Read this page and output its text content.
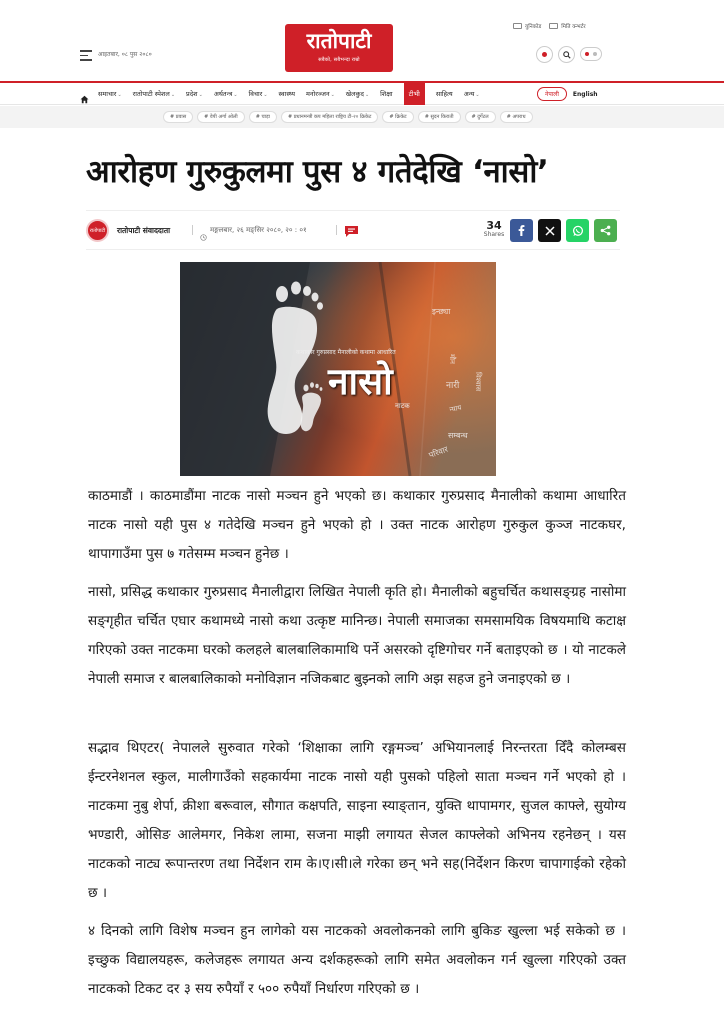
आइतबार, ०८ पुस २०८०
रातोपाटी
सबैको, सबैभन्दा राम्रो
युनिकोड	मिति क्न्भर्टर
समाचार⌄ रातोपाटी स्पेशल⌄ प्रदेश⌄ अर्थतन्त्र⌄ विचार⌄ स्वास्थ्य मनोरञ्जन⌄ खेलकुद⌄ शिक्षा	टीभी	साहित्य अन्य⌄	नेपाली	English
# प्रवास	# वेपी अर्गा ओली	# चाड़ा	# प्रधानमन्त्री कप महिला राष्ट्रिय टी-२० क्रिकेट	# क्रिकेट	# सुदन किराती	# दुर्गेटल	# अपराध
आरोहण गुरुकुलमा पुस ४ गतेदेखि ‘नासो’
रातोपाटी	रातोपाटी संवाददाता	मङ्गलबार, २६ मङ्सिर २०८०, २० : ०१	34
Shares
इन्छ्या
मौन
नारी
न्याय
सम्बन्ध
विश्वास
परिवार
कथाकार गुरुप्रसाद मैनालीको कथामा आधारित
नासो
नाटक

काठमाडौं । काठमाडौंमा नाटक नासो मञ्चन हुने भएको छ। कथाकार गुरुप्रसाद मैनालीको कथामा आधारित नाटक नासो यही पुस ४ गतेदेखि मञ्चन हुने भएको हो । उक्त नाटक आरोहण गुरुकुल कुञ्ज नाटकघर, थापागाउँमा पुस ७ गतेसम्म मञ्चन हुनेछ ।

नासो, प्रसिद्ध कथाकार गुरुप्रसाद मैनालीद्वारा लिखित नेपाली कृति हो। मैनालीको बहुचर्चित कथासङ्ग्रह नासोमा सङ्गृहीत चर्चित एघार कथामध्ये नासो कथा उत्कृष्ट मानिन्छ। नेपाली समाजका समसामयिक विषयमाथि कटाक्ष गरिएको उक्त नाटकमा घरको कलहले बालबालिकामाथि पर्ने असरको दृष्टिगोचर गर्ने बताइएको छ । यो नाटकले नेपाली समाज र बालबालिकाको मनोविज्ञान नजिकबाट बुझ्नको लागि अझ सहज हुने जनाइएको छ ।

सद्भाव थिएटर( नेपालले सुरुवात गरेको ‘शिक्षाका लागि रङ्गमञ्च’ अभियानलाई निरन्तरता दिँदै कोलम्बस ईन्टरनेशनल स्कुल, मालीगाउँको सहकार्यमा नाटक नासो यही पुसको पहिलो साता मञ्चन गर्ने भएको हो । नाटकमा नुबु शेर्पा, क्रीशा बरूवाल, सौगात कक्षपति, साइना स्याङ्तान, युक्ति थापामगर, सुजल काफ्ले, सुयोग्य भण्डारी, ओसिङ आलेमगर, निकेश लामा, सजना माझी लगायत सेजल काफ्लेको अभिनय रहनेछन् । यस नाटकको नाट्य रूपान्तरण तथा निर्देशन राम के।ए।सी।ले गरेका छन् भने सह(निर्देशन किरण चापागाईको रहेको छ ।

४ दिनको लागि विशेष मञ्चन हुन लागेको यस नाटकको अवलोकनको लागि बुकिङ खुल्ला भई सकेको छ । इच्छुक विद्यालयहरू, कलेजहरू लगायत अन्य दर्शकहरूको लागि समेत अवलोकन गर्न खुल्ला गरिएको उक्त नाटकको टिकट दर ३ सय रुपैयाँ र ५०० रुपैयाँ निर्धारण गरिएको छ ।
